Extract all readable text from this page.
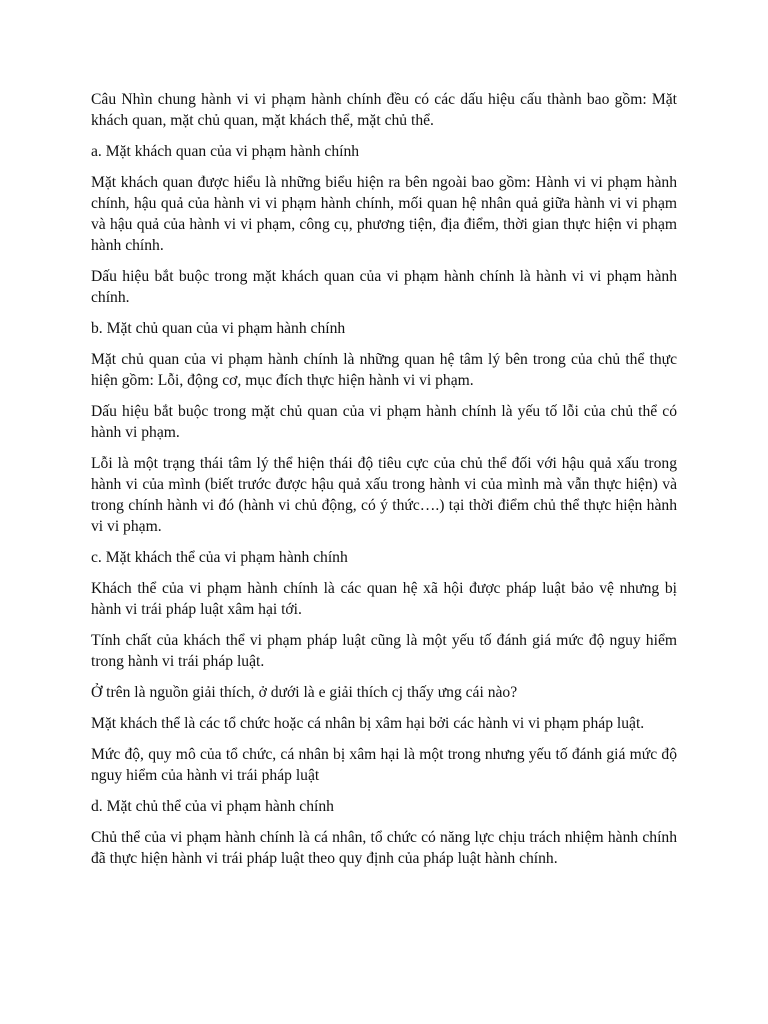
Câu Nhìn chung hành vi vi phạm hành chính đều có các dấu hiệu cấu thành bao gồm: Mặt khách quan, mặt chủ quan, mặt khách thể, mặt chủ thể.

a. Mặt khách quan của vi phạm hành chính

Mặt khách quan được hiểu là những biểu hiện ra bên ngoài bao gồm: Hành vi vi phạm hành chính, hậu quả của hành vi vi phạm hành chính, mối quan hệ nhân quả giữa hành vi vi phạm và hậu quả của hành vi vi phạm, công cụ, phương tiện, địa điểm, thời gian thực hiện vi phạm hành chính.

Dấu hiệu bắt buộc trong mặt khách quan của vi phạm hành chính là hành vi vi phạm hành chính.

b. Mặt chủ quan của vi phạm hành chính

Mặt chủ quan của vi phạm hành chính là những quan hệ tâm lý bên trong của chủ thể thực hiện gồm: Lỗi, động cơ, mục đích thực hiện hành vi vi phạm.

Dấu hiệu bắt buộc trong mặt chủ quan của vi phạm hành chính là yếu tố lỗi của chủ thể có hành vi phạm.

Lỗi là một trạng thái tâm lý thể hiện thái độ tiêu cực của chủ thể đối với hậu quả xấu trong hành vi của mình (biết trước được hậu quả xấu trong hành vi của mình mà vẫn thực hiện) và trong chính hành vi đó (hành vi chủ động, có ý thức….) tại thời điểm chủ thể thực hiện hành vi vi phạm.

c. Mặt khách thể của vi phạm hành chính

Khách thể của vi phạm hành chính là các quan hệ xã hội được pháp luật bảo vệ nhưng bị hành vi trái pháp luật xâm hại tới.

Tính chất của khách thể vi phạm pháp luật cũng là một yếu tố đánh giá mức độ nguy hiểm trong hành vi trái pháp luật.

Ở trên là nguồn giải thích, ở dưới là e giải thích cj thấy ưng cái nào?

Mặt khách thể là các tổ chức hoặc cá nhân bị xâm hại bởi các hành vi vi phạm pháp luật.

Mức độ, quy mô của tổ chức, cá nhân bị xâm hại là một trong nhưng yếu tố đánh giá mức độ nguy hiểm của hành vi trái pháp luật

d. Mặt chủ thể của vi phạm hành chính

Chủ thể của vi phạm hành chính là cá nhân, tổ chức có năng lực chịu trách nhiệm hành chính đã thực hiện hành vi trái pháp luật theo quy định của pháp luật hành chính.
